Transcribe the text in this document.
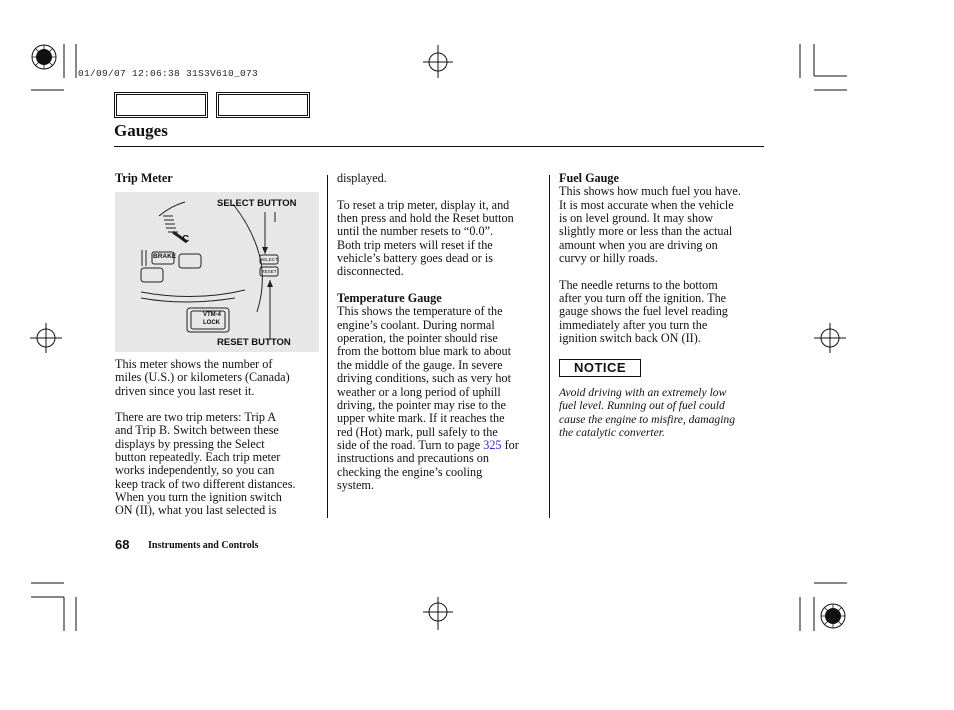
01/09/07 12:06:38 31S3V610_073
Gauges
Trip Meter
SELECT BUTTON
RESET BUTTON
C
BRAKE	SELECT
RESET
VTM-4
LOCK

This meter shows the number of

miles (U.S.) or kilometers (Canada)

driven since you last reset it.

There are two trip meters: Trip A

and Trip B. Switch between these

displays by pressing the Select

button repeatedly. Each trip meter

works independently, so you can

keep track of two different distances.

When you turn the ignition switch

ON (II), what you last selected is

displayed.

To reset a trip meter, display it, and

then press and hold the Reset button

until the number resets to “0.0”.

Both trip meters will reset if the

vehicle’s battery goes dead or is

disconnected.

Temperature Gauge

This shows the temperature of the

engine’s coolant. During normal

operation, the pointer should rise

from the bottom blue mark to about

the middle of the gauge. In severe

driving conditions, such as very hot

weather or a long period of uphill

driving, the pointer may rise to the

upper white mark. If it reaches the

red (Hot) mark, pull safely to the

side of the road. Turn to page 325 for

instructions and precautions on

checking the engine’s cooling

system.

Fuel Gauge

This shows how much fuel you have.

It is most accurate when the vehicle

is on level ground. It may show

slightly more or less than the actual

amount when you are driving on

curvy or hilly roads.

The needle returns to the bottom

after you turn off the ignition. The

gauge shows the fuel level reading

immediately after you turn the

ignition switch back ON (II).

NOTICE

Avoid driving with an extremely low

fuel level. Running out of fuel could

cause the engine to misfire, damaging

the catalytic converter.

68 Instruments and Controls
